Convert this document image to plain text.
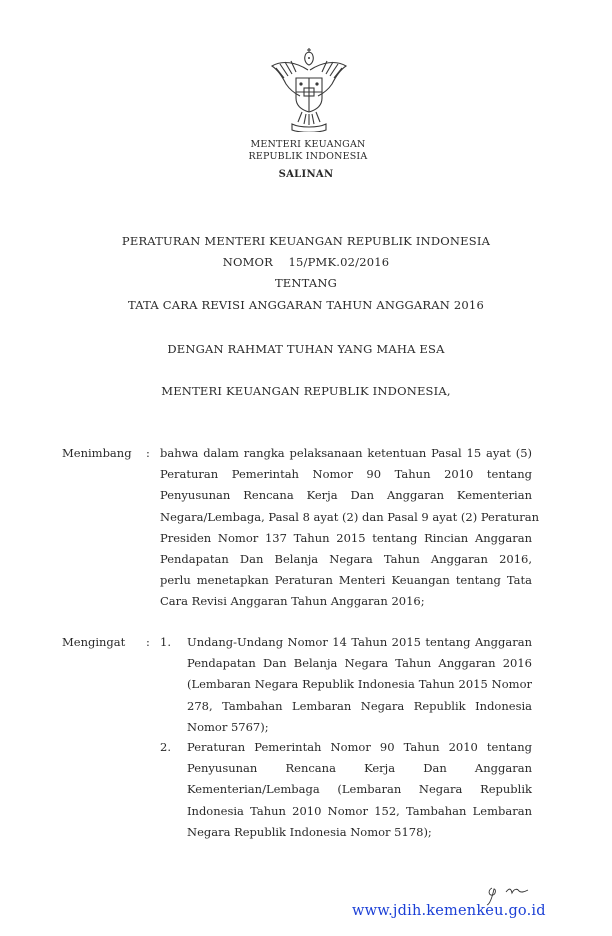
MENTERI KEUANGAN
REPUBLIK INDONESIA
SALINAN
PERATURAN MENTERI KEUANGAN REPUBLIK INDONESIA
NOMOR    15/PMK.02/2016
TENTANG
TATA CARA REVISI ANGGARAN TAHUN ANGGARAN 2016
DENGAN RAHMAT TUHAN YANG MAHA ESA
MENTERI KEUANGAN REPUBLIK INDONESIA,
Menimbang : bahwa dalam rangka pelaksanaan ketentuan Pasal 15 ayat (5)
Peraturan Pemerintah Nomor 90 Tahun 2010 tentang
Penyusunan Rencana Kerja Dan Anggaran Kementerian
Negara/Lembaga, Pasal 8 ayat (2) dan Pasal 9 ayat (2) Peraturan
Presiden Nomor 137 Tahun 2015 tentang Rincian Anggaran
Pendapatan Dan Belanja Negara Tahun Anggaran 2016,
perlu menetapkan Peraturan Menteri Keuangan tentang Tata
Cara Revisi Anggaran Tahun Anggaran 2016;
Mengingat : 1. Undang-Undang Nomor 14 Tahun 2015 tentang Anggaran
Pendapatan Dan Belanja Negara Tahun Anggaran 2016
(Lembaran Negara Republik Indonesia Tahun 2015 Nomor
278, Tambahan Lembaran Negara Republik Indonesia
Nomor 5767);
2. Peraturan Pemerintah Nomor 90 Tahun 2010 tentang
Penyusunan Rencana Kerja Dan Anggaran
Kementerian/Lembaga (Lembaran Negara Republik
Indonesia Tahun 2010 Nomor 152, Tambahan Lembaran
Negara Republik Indonesia Nomor 5178);
www.jdih.kemenkeu.go.id
